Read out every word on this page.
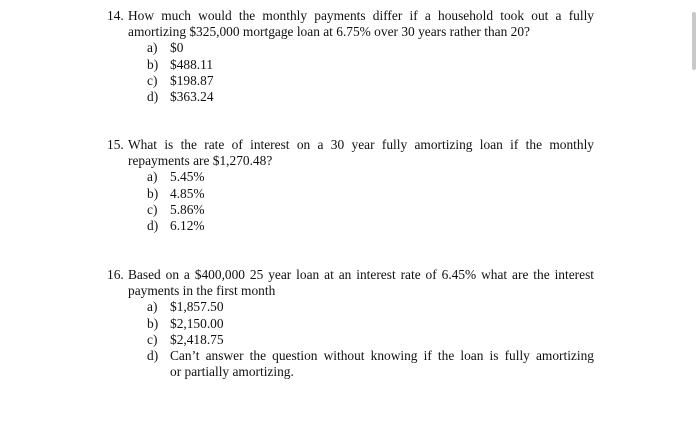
14. How much would the monthly payments differ if a household took out a fully
amortizing $325,000 mortgage loan at 6.75% over 30 years rather than 20?
a) $0
b) $488.11
c) $198.87
d) $363.24
15. What is the rate of interest on a 30 year fully amortizing loan if the monthly
repayments are $1,270.48?
a) 5.45%
b) 4.85%
c) 5.86%
d) 6.12%
16. Based on a $400,000 25 year loan at an interest rate of 6.45% what are the interest
payments in the first month
a) $1,857.50
b) $2,150.00
c) $2,418.75
d) Can’t answer the question without knowing if the loan is fully amortizing
or partially amortizing.
